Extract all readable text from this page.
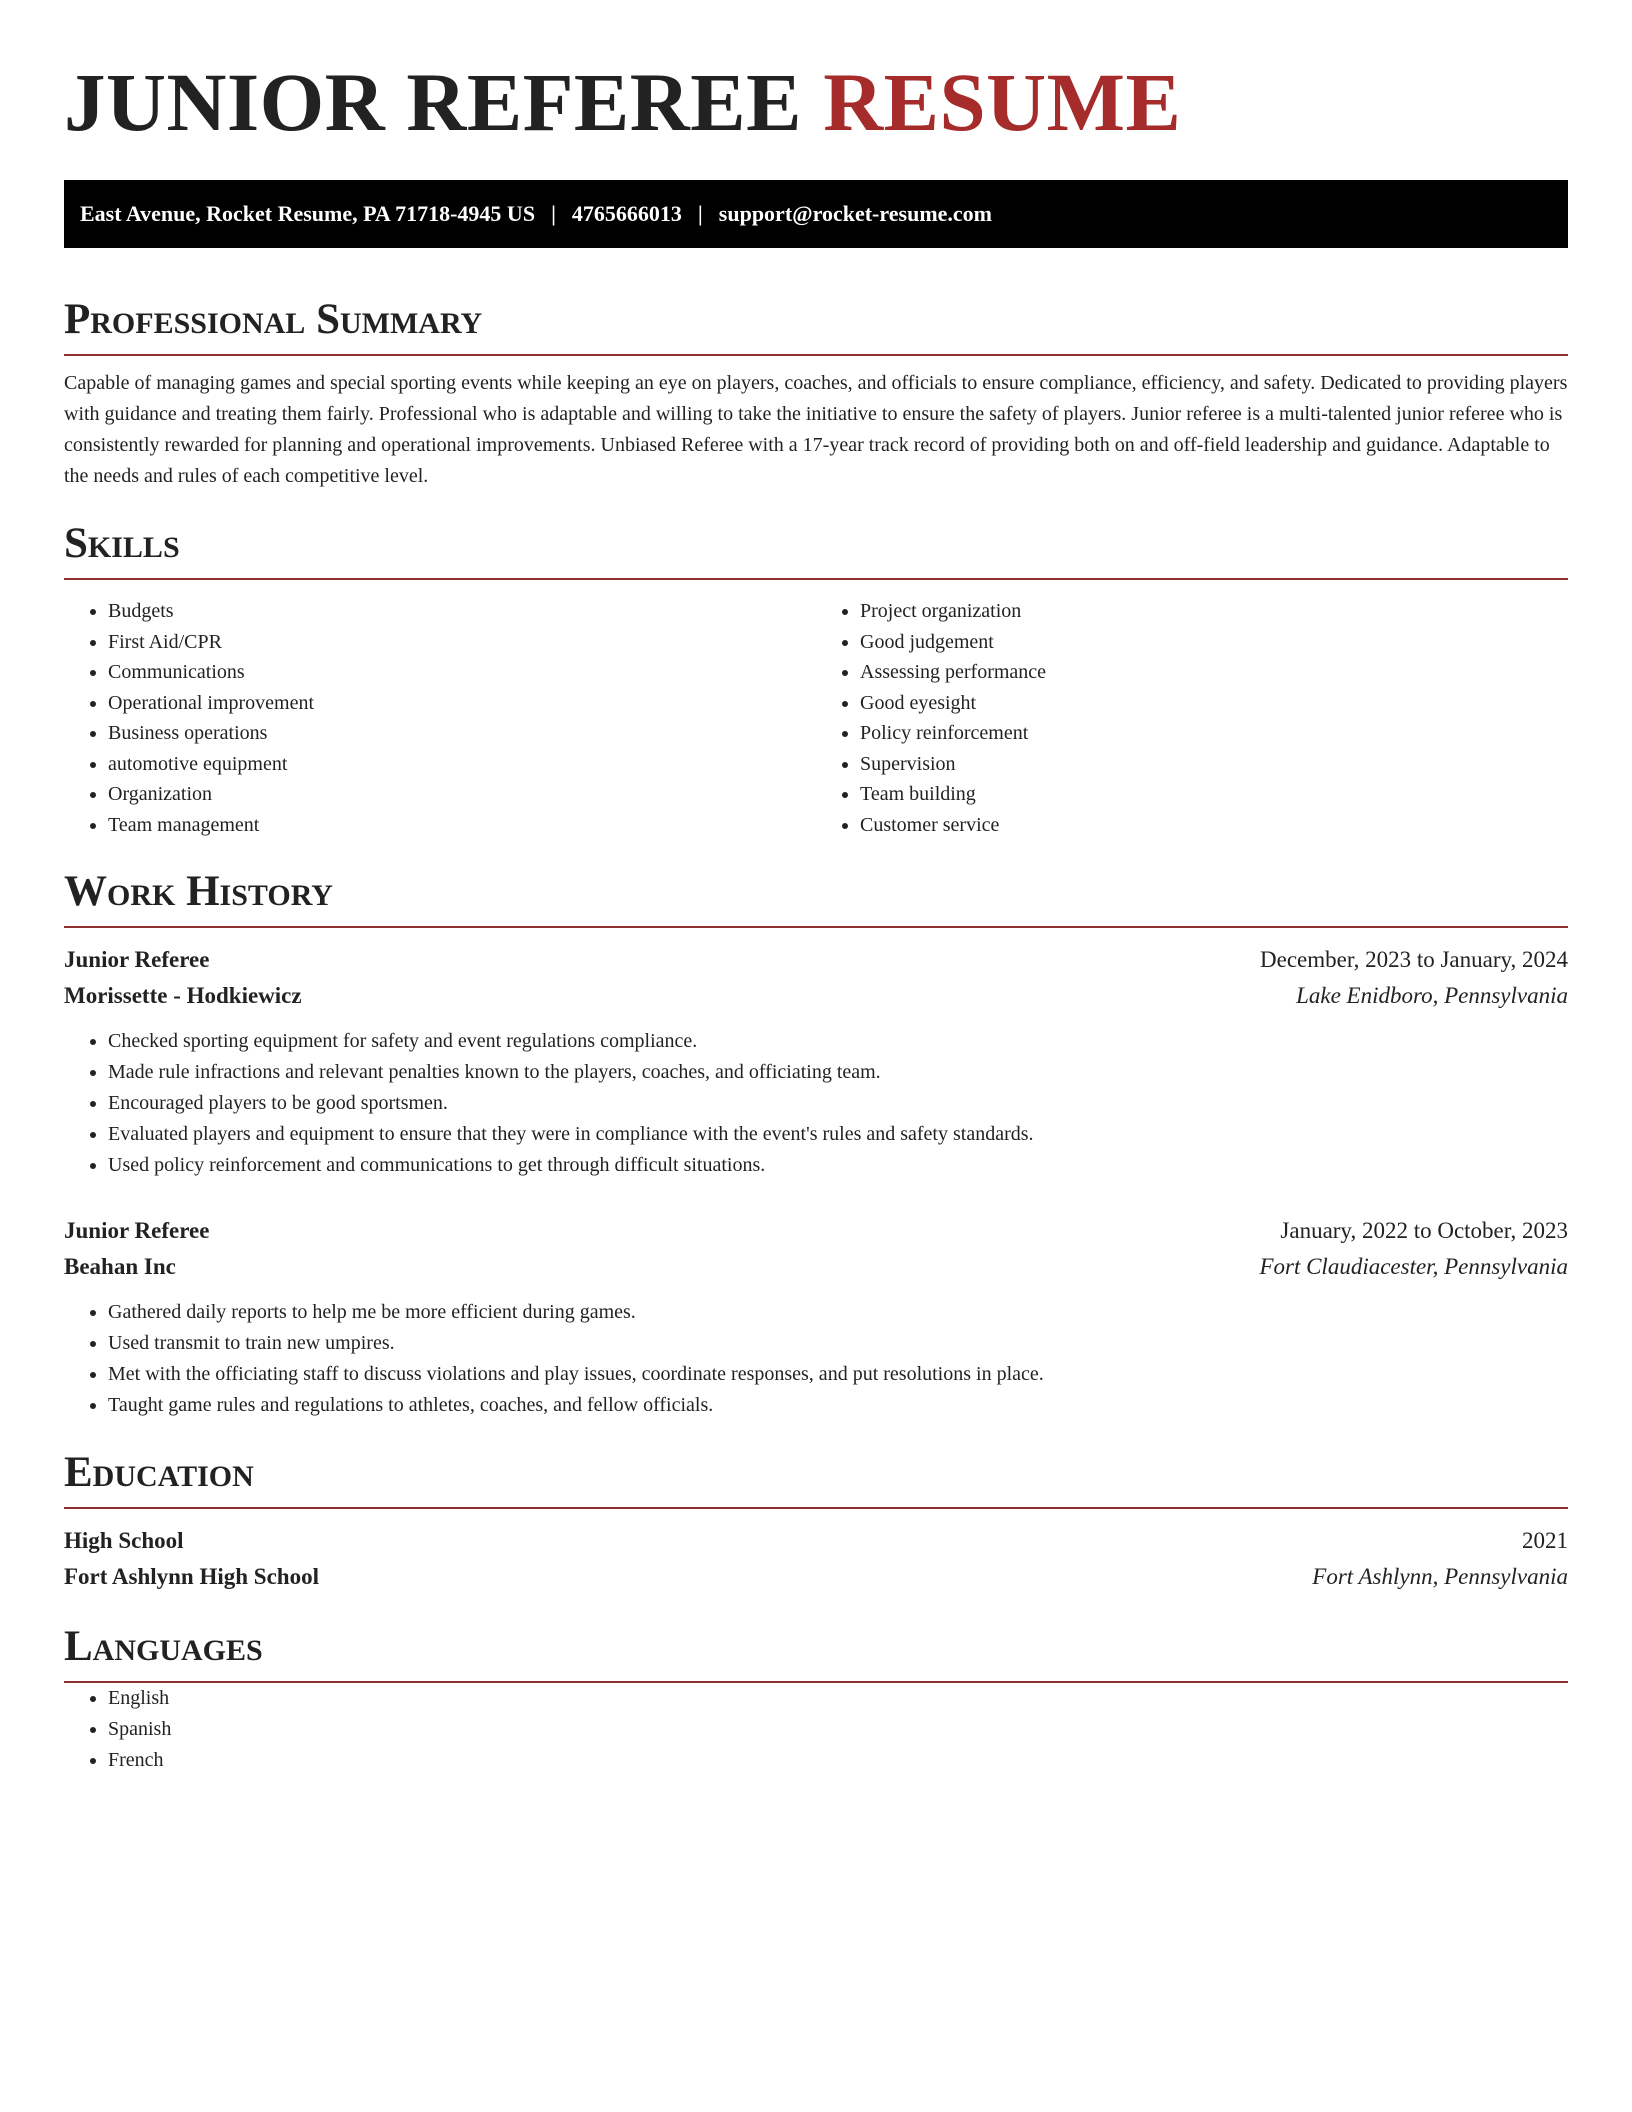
JUNIOR REFEREE RESUME
East Avenue, Rocket Resume, PA 71718-4945 US | 4765666013 | support@rocket-resume.com
Professional Summary

Capable of managing games and special sporting events while keeping an eye on players, coaches, and officials to ensure compliance, efficiency, and safety. Dedicated to providing players with guidance and treating them fairly. Professional who is adaptable and willing to take the initiative to ensure the safety of players. Junior referee is a multi-talented junior referee who is consistently rewarded for planning and operational improvements. Unbiased Referee with a 17-year track record of providing both on and off-field leadership and guidance. Adaptable to the needs and rules of each competitive level.

Skills
• Budgets
• First Aid/CPR
• Communications
• Operational improvement
• Business operations
• automotive equipment
• Organization
• Team management
• Project organization
• Good judgement
• Assessing performance
• Good eyesight
• Policy reinforcement
• Supervision
• Team building
• Customer service
Work History
Junior Referee	December, 2023 to January, 2024
Morissette - Hodkiewicz	Lake Enidboro, Pennsylvania
• Checked sporting equipment for safety and event regulations compliance.
• Made rule infractions and relevant penalties known to the players, coaches, and officiating team.
• Encouraged players to be good sportsmen.
• Evaluated players and equipment to ensure that they were in compliance with the event's rules and safety standards.
• Used policy reinforcement and communications to get through difficult situations.
Junior Referee	January, 2022 to October, 2023
Beahan Inc	Fort Claudiacester, Pennsylvania
• Gathered daily reports to help me be more efficient during games.
• Used transmit to train new umpires.
• Met with the officiating staff to discuss violations and play issues, coordinate responses, and put resolutions in place.
• Taught game rules and regulations to athletes, coaches, and fellow officials.
Education
High School	2021
Fort Ashlynn High School	Fort Ashlynn, Pennsylvania
Languages
• English
• Spanish
• French
